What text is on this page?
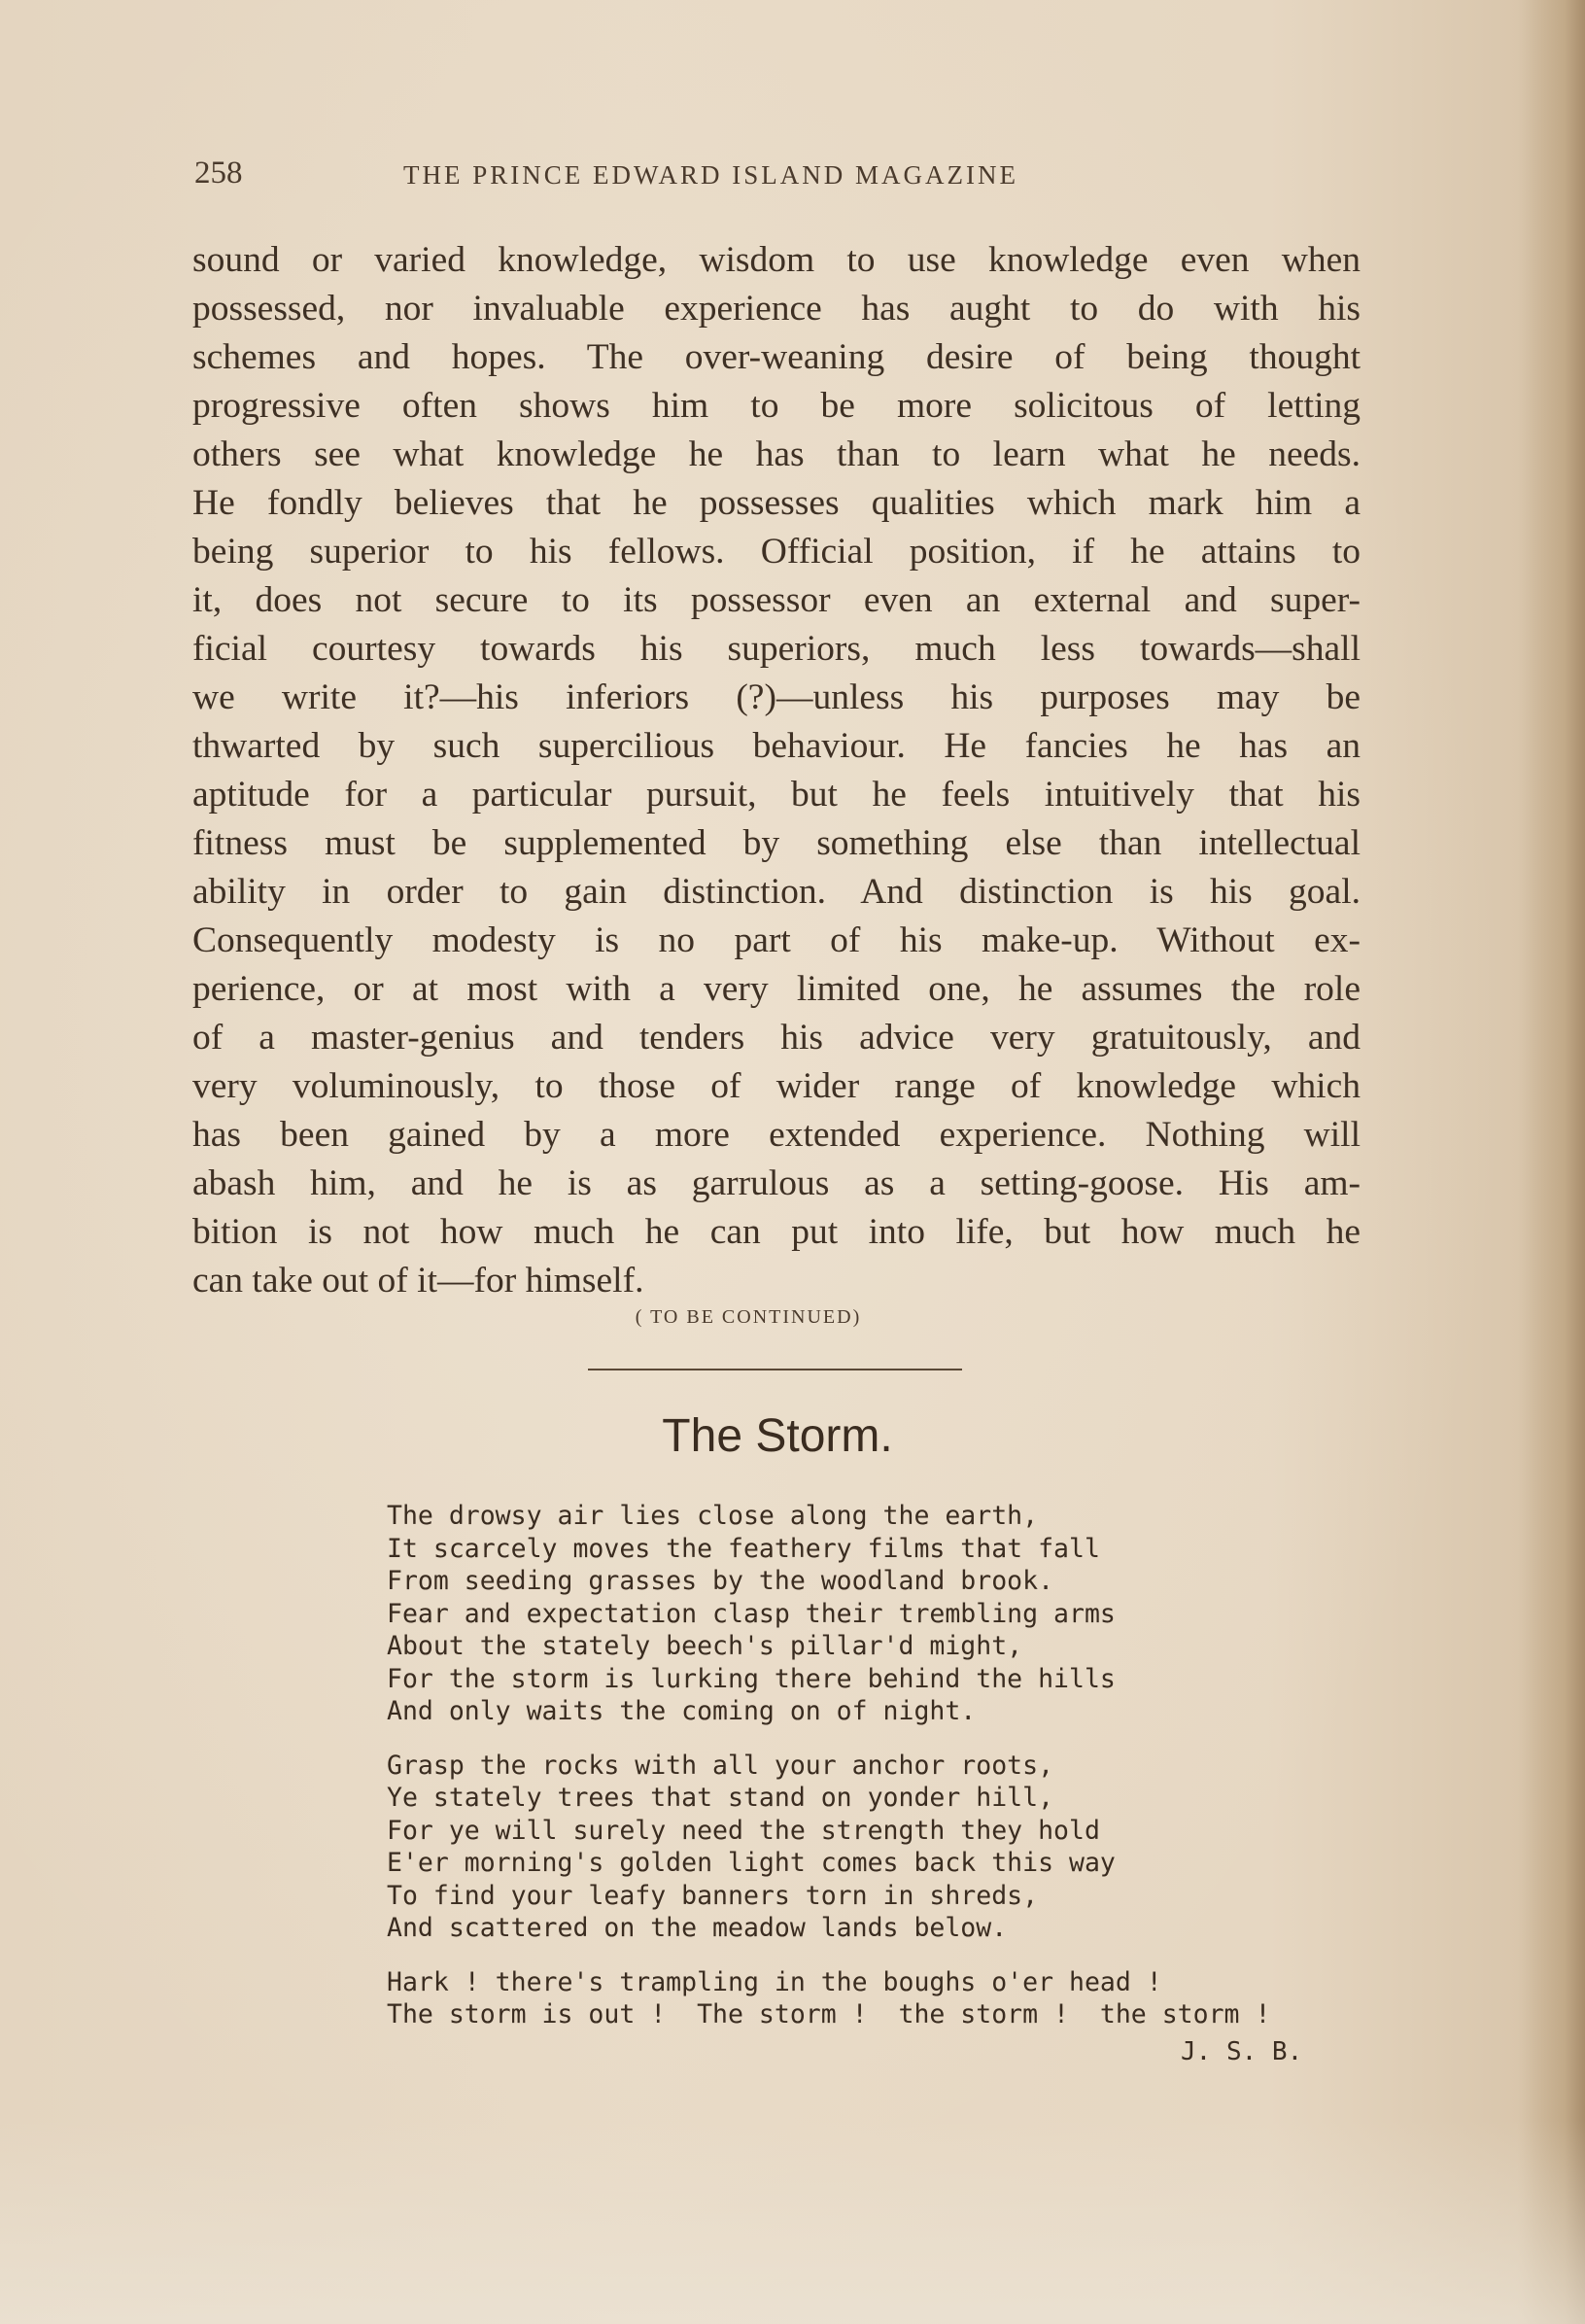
258	THE PRINCE EDWARD ISLAND MAGAZINE
sound or varied knowledge, wisdom to use knowledge even when
possessed, nor invaluable experience has aught to do with his
schemes and hopes. The over-weaning desire of being thought
progressive often shows him to be more solicitous of letting
others see what knowledge he has than to learn what he needs.
He fondly believes that he possesses qualities which mark him a
being superior to his fellows. Official position, if he attains to
it, does not secure to its possessor even an external and super-
ficial courtesy towards his superiors, much less towards—shall
we write it?—his inferiors (?)—unless his purposes may be
thwarted by such supercilious behaviour. He fancies he has an
aptitude for a particular pursuit, but he feels intuitively that his
fitness must be supplemented by something else than intellectual
ability in order to gain distinction. And distinction is his goal.
Consequently modesty is no part of his make-up. Without ex-
perience, or at most with a very limited one, he assumes the role
of a master-genius and tenders his advice very gratuitously, and
very voluminously, to those of wider range of knowledge which
has been gained by a more extended experience. Nothing will
abash him, and he is as garrulous as a setting-goose. His am-
bition is not how much he can put into life, but how much he
can take out of it—for himself.
( TO BE CONTINUED)
The Storm.
The drowsy air lies close along the earth,
It scarcely moves the feathery films that fall
From seeding grasses by the woodland brook.
Fear and expectation clasp their trembling arms
About the stately beech's pillar'd might,
For the storm is lurking there behind the hills
And only waits the coming on of night.
Grasp the rocks with all your anchor roots,
Ye stately trees that stand on yonder hill,
For ye will surely need the strength they hold
E'er morning's golden light comes back this way
To find your leafy banners torn in shreds,
And scattered on the meadow lands below.
Hark ! there's trampling in the boughs o'er head !
The storm is out !  The storm !  the storm !  the storm !
J. S. B.
